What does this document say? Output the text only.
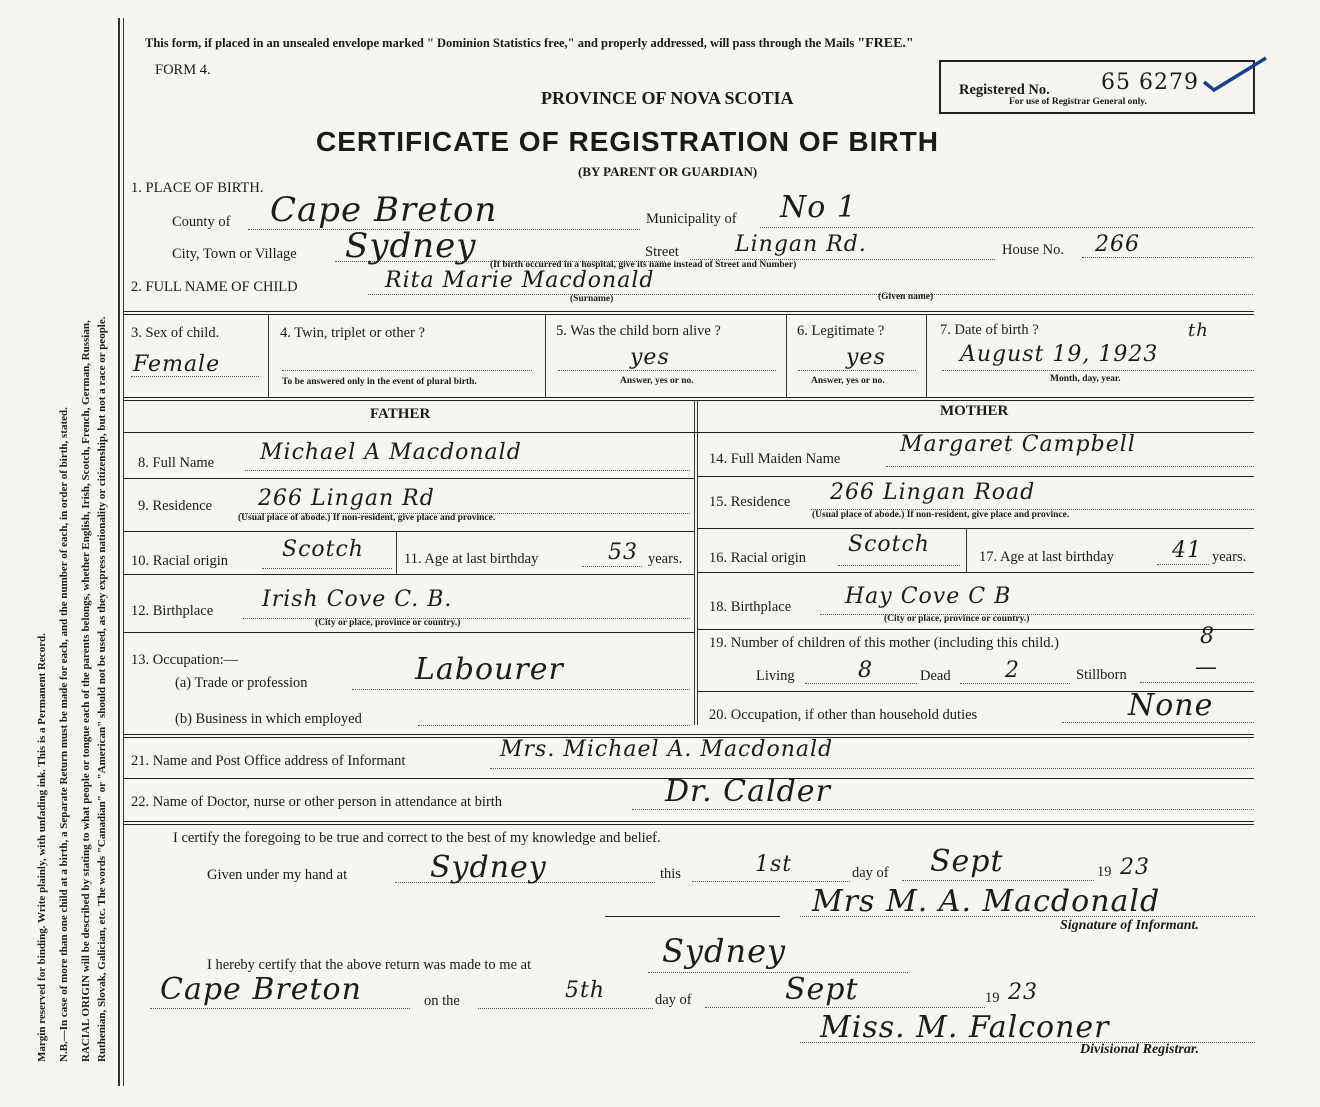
Margin reserved for binding. Write plainly, with unfading ink. This is a Permanent Record. N.B.—In case of more than one child at a birth, a Separate Return must be made for each, and the number of each, in order of birth, stated. RACIAL ORIGIN will be described by stating to what people or tongue each of the parents belongs, whether English, Irish, Scotch, French, German, Russian, Ruthenian, Slovak, Galician, etc. The words "Canadian" or "American" should not be used, as they express nationality or citizenship, but not a race or people.
This form, if placed in an unsealed envelope marked " Dominion Statistics free," and properly addressed, will pass through the Mails "FREE."
FORM 4.
Registered No. 65 6279
For use of Registrar General only.
PROVINCE OF NOVA SCOTIA
CERTIFICATE OF REGISTRATION OF BIRTH
(BY PARENT OR GUARDIAN)
1. PLACE OF BIRTH.
County of Cape Breton	Municipality of No 1
City, Town or Village Sydney	Street	Lingan Rd.	House No. 266
(If birth occurred in a hospital, give its name instead of Street and Number)
2. FULL NAME OF CHILD	Rita Marie Macdonald
(Surname)	(Given name)
3. Sex of child.
Female
4. Twin, triplet or other ?
To be answered only in the event of plural birth.
5. Was the child born alive ?
yes
Answer, yes or no.
6. Legitimate ?
yes
Answer, yes or no.
7. Date of birth ?
August 19, 1923
th
Month, day, year.
FATHER	MOTHER
8. Full Name Michael A Macdonald
9. Residence 266 Lingan Rd
(Usual place of abode.) If non-resident, give place and province.
10. Racial origin Scotch	11. Age at last birthday	53 years.
12. Birthplace Irish Cove C. B.
(City or place, province or country.)
13. Occupation:—
(a) Trade or profession	Labourer
(b) Business in which employed
14. Full Maiden Name
Margaret Campbell
15. Residence 266 Lingan Road
(Usual place of abode.) If non-resident, give place and province.
16. Racial origin
Scotch	17. Age at last birthday	41 years.
18. Birthplace Hay Cove C B
(City or place, province or country.)
19. Number of children of this mother (including this child.)	8
Living	8	Dead 2	Stillborn	—
20. Occupation, if other than household duties	None
21. Name and Post Office address of Informant	Mrs. Michael A. Macdonald
22. Name of Doctor, nurse or other person in attendance at birth	Dr. Calder
I certify the foregoing to be true and correct to the best of my knowledge and belief.
Given under my hand at	Sydney	this	1st	day of Sept	19 23
Mrs M. A. Macdonald
Signature of Informant.
I hereby certify that the above return was made to me at	Sydney
Cape Breton	on the	5th	day of	Sept	19 23
Miss. M. Falconer
Divisional Registrar.
